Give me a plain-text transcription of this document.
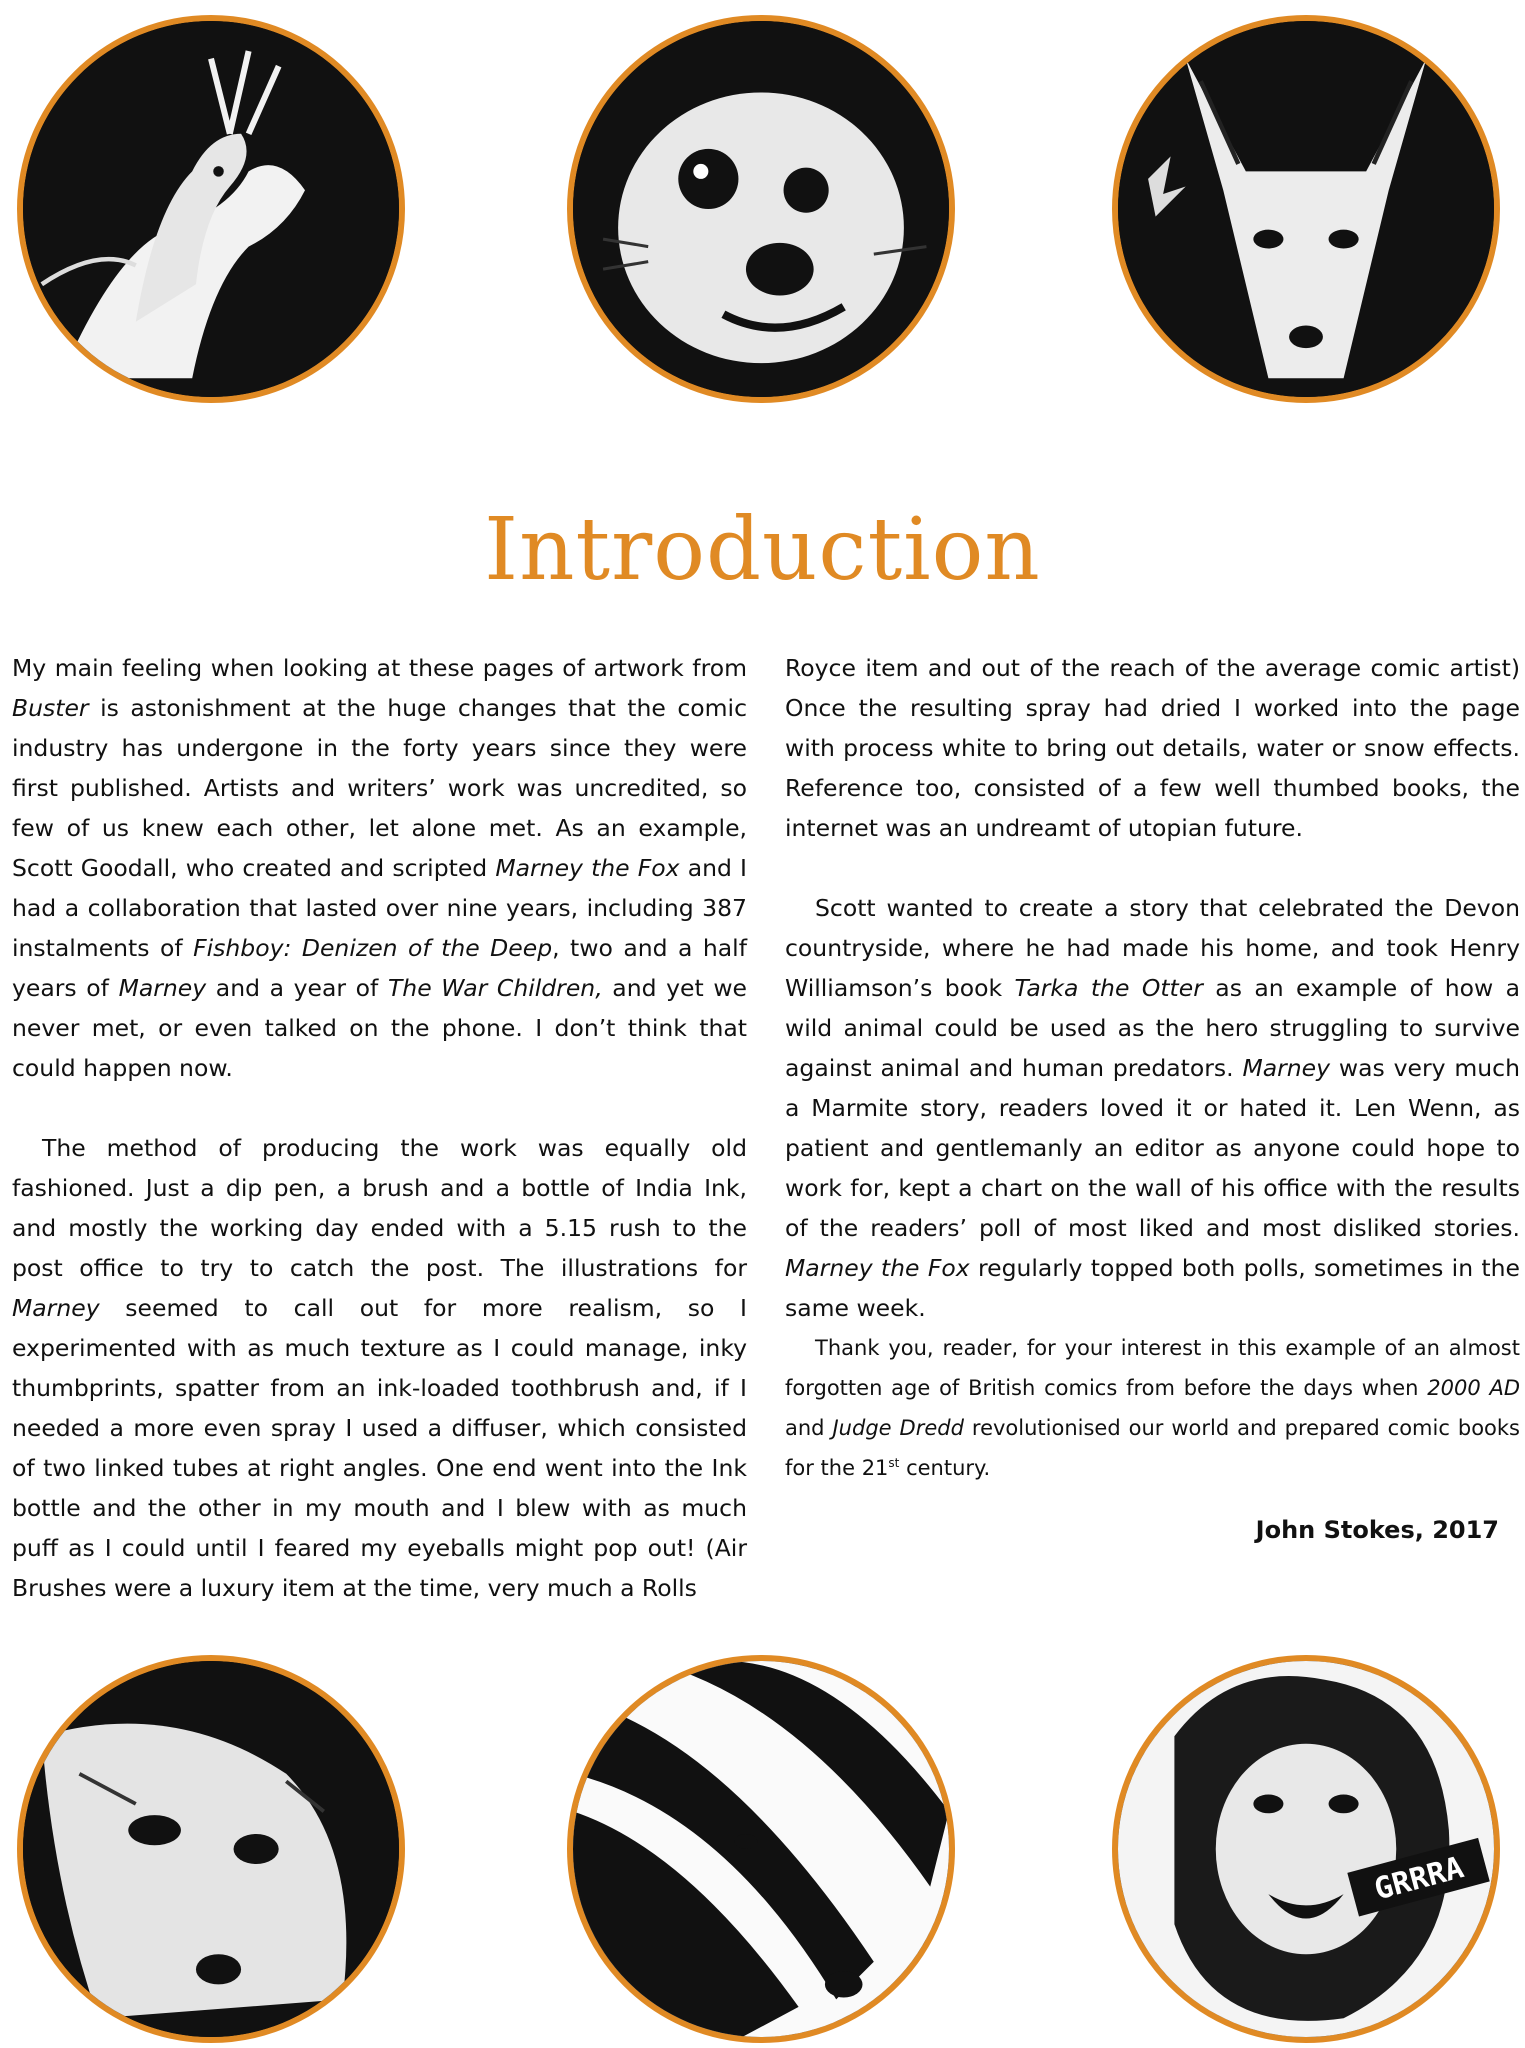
Introduction

My main feeling when looking at these pages of artwork from Buster is astonishment at the huge changes that the comic industry has undergone in the forty years since they were first published. Artists and writers’ work was uncredited, so few of us knew each other, let alone met. As an example, Scott Goodall, who created and scripted Marney the Fox and I had a collaboration that lasted over nine years, including 387 instalments of Fishboy: Denizen of the Deep, two and a half years of Marney and a year of The War Children, and yet we never met, or even talked on the phone. I don’t think that could happen now.

The method of producing the work was equally old fashioned. Just a dip pen, a brush and a bottle of India Ink, and mostly the working day ended with a 5.15 rush to the post office to try to catch the post. The illustrations for Marney seemed to call out for more realism, so I experimented with as much texture as I could manage, inky thumbprints, spatter from an ink-loaded toothbrush and, if I needed a more even spray I used a diffuser, which consisted of two linked tubes at right angles. One end went into the Ink bottle and the other in my mouth and I blew with as much puff as I could until I feared my eyeballs might pop out! (Air Brushes were a luxury item at the time, very much a Rolls

Royce item and out of the reach of the average comic artist) Once the resulting spray had dried I worked into the page with process white to bring out details, water or snow effects. Reference too, consisted of a few well thumbed books, the internet was an undreamt of utopian future.

Scott wanted to create a story that celebrated the Devon countryside, where he had made his home, and took Henry Williamson’s book Tarka the Otter as an example of how a wild animal could be used as the hero struggling to survive against animal and human predators. Marney was very much a Marmite story, readers loved it or hated it. Len Wenn, as patient and gentlemanly an editor as anyone could hope to work for, kept a chart on the wall of his office with the results of the readers’ poll of most liked and most disliked stories. Marney the Fox regularly topped both polls, sometimes in the same week.

Thank you, reader, for your interest in this example of an almost forgotten age of British comics from before the days when 2000 AD and Judge Dredd revolutionised our world and prepared comic books for the 21st century.

John Stokes, 2017
GRRRA
